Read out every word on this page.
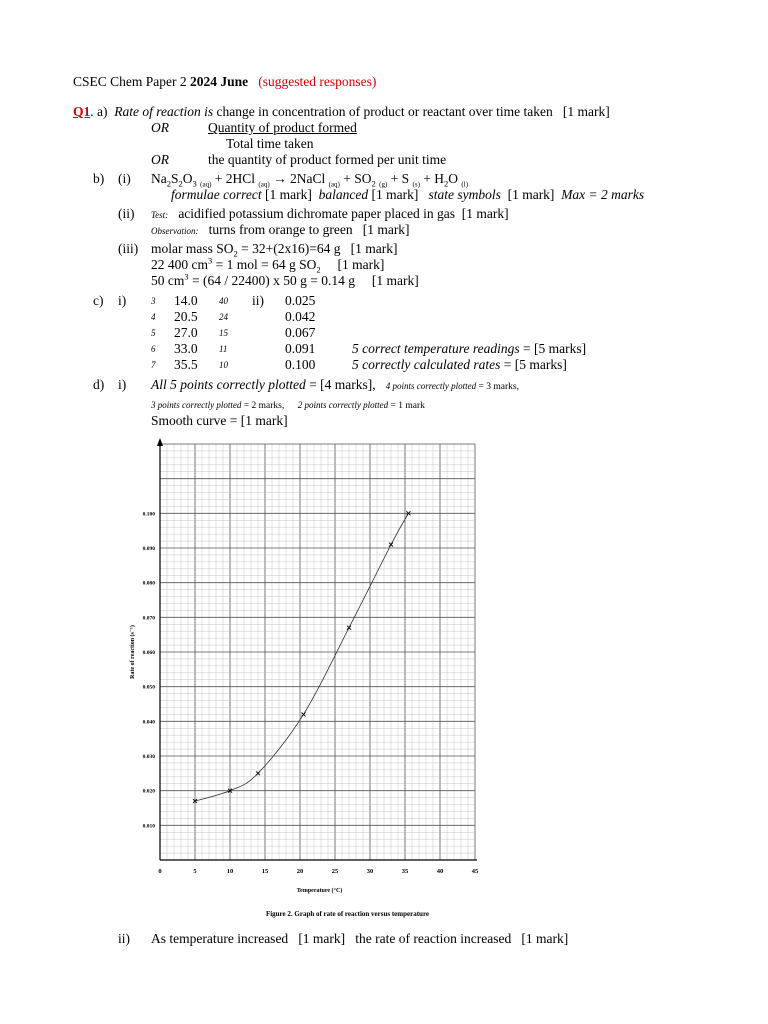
CSEC Chem Paper 2 2024 June (suggested responses)
Q1. a) Rate of reaction is change in concentration of product or reactant over time taken [1 mark]
OR	Quantity of product formed
Total time taken
OR	the quantity of product formed per unit time
b) (i) $Na_2S_2O_3$ $_{(aq)}$ + 2HCl $_{(aq)}$ → 2NaCl $_{(aq)} + SO_2$ $_{(g)}$ + S $_{(s)} + H_2O$ $_{(l)}$
formulae correct [1 mark] balanced [1 mark] state symbols [1 mark] Max = 2 marks
(ii) Test: acidified potassium dichromate paper placed in gas [1 mark]
Observation: turns from orange to green [1 mark]
(iii) molar mass $SO_2 = 32+(2x16)=64$ g [1 mark]
22 400 $cm^3 = 1$ mol = 64 g $SO_2$ [1 mark]
50 $cm^3 = (64 / 22400)$ x 50 g = 0.14 g [1 mark]
c) i)	ii)
3 14.0 40	0.025
4 20.5 24	0.042
5 27.0 15	0.067
6 33.0 11	0.091	5 correct temperature readings = [5 marks]
7 35.5 10	0.100	5 correctly calculated rates = [5 marks]
d) i) All 5 points correctly plotted = [4 marks], 4 points correctly plotted = 3 marks,
3 points correctly plotted = 2 marks, 2 points correctly plotted = 1 mark
Smooth curve = [1 mark]
0	5	10	15	20	25	30	35	40	45
0.010
0.020
0.030
0.040
0.050
0.060
0.070
0.080
0.090
0.100
Temperature (°C)
Rate of reaction (s⁻¹)
Figure 2. Graph of rate of reaction versus temperature
ii) As temperature increased [1 mark] the rate of reaction increased [1 mark]
